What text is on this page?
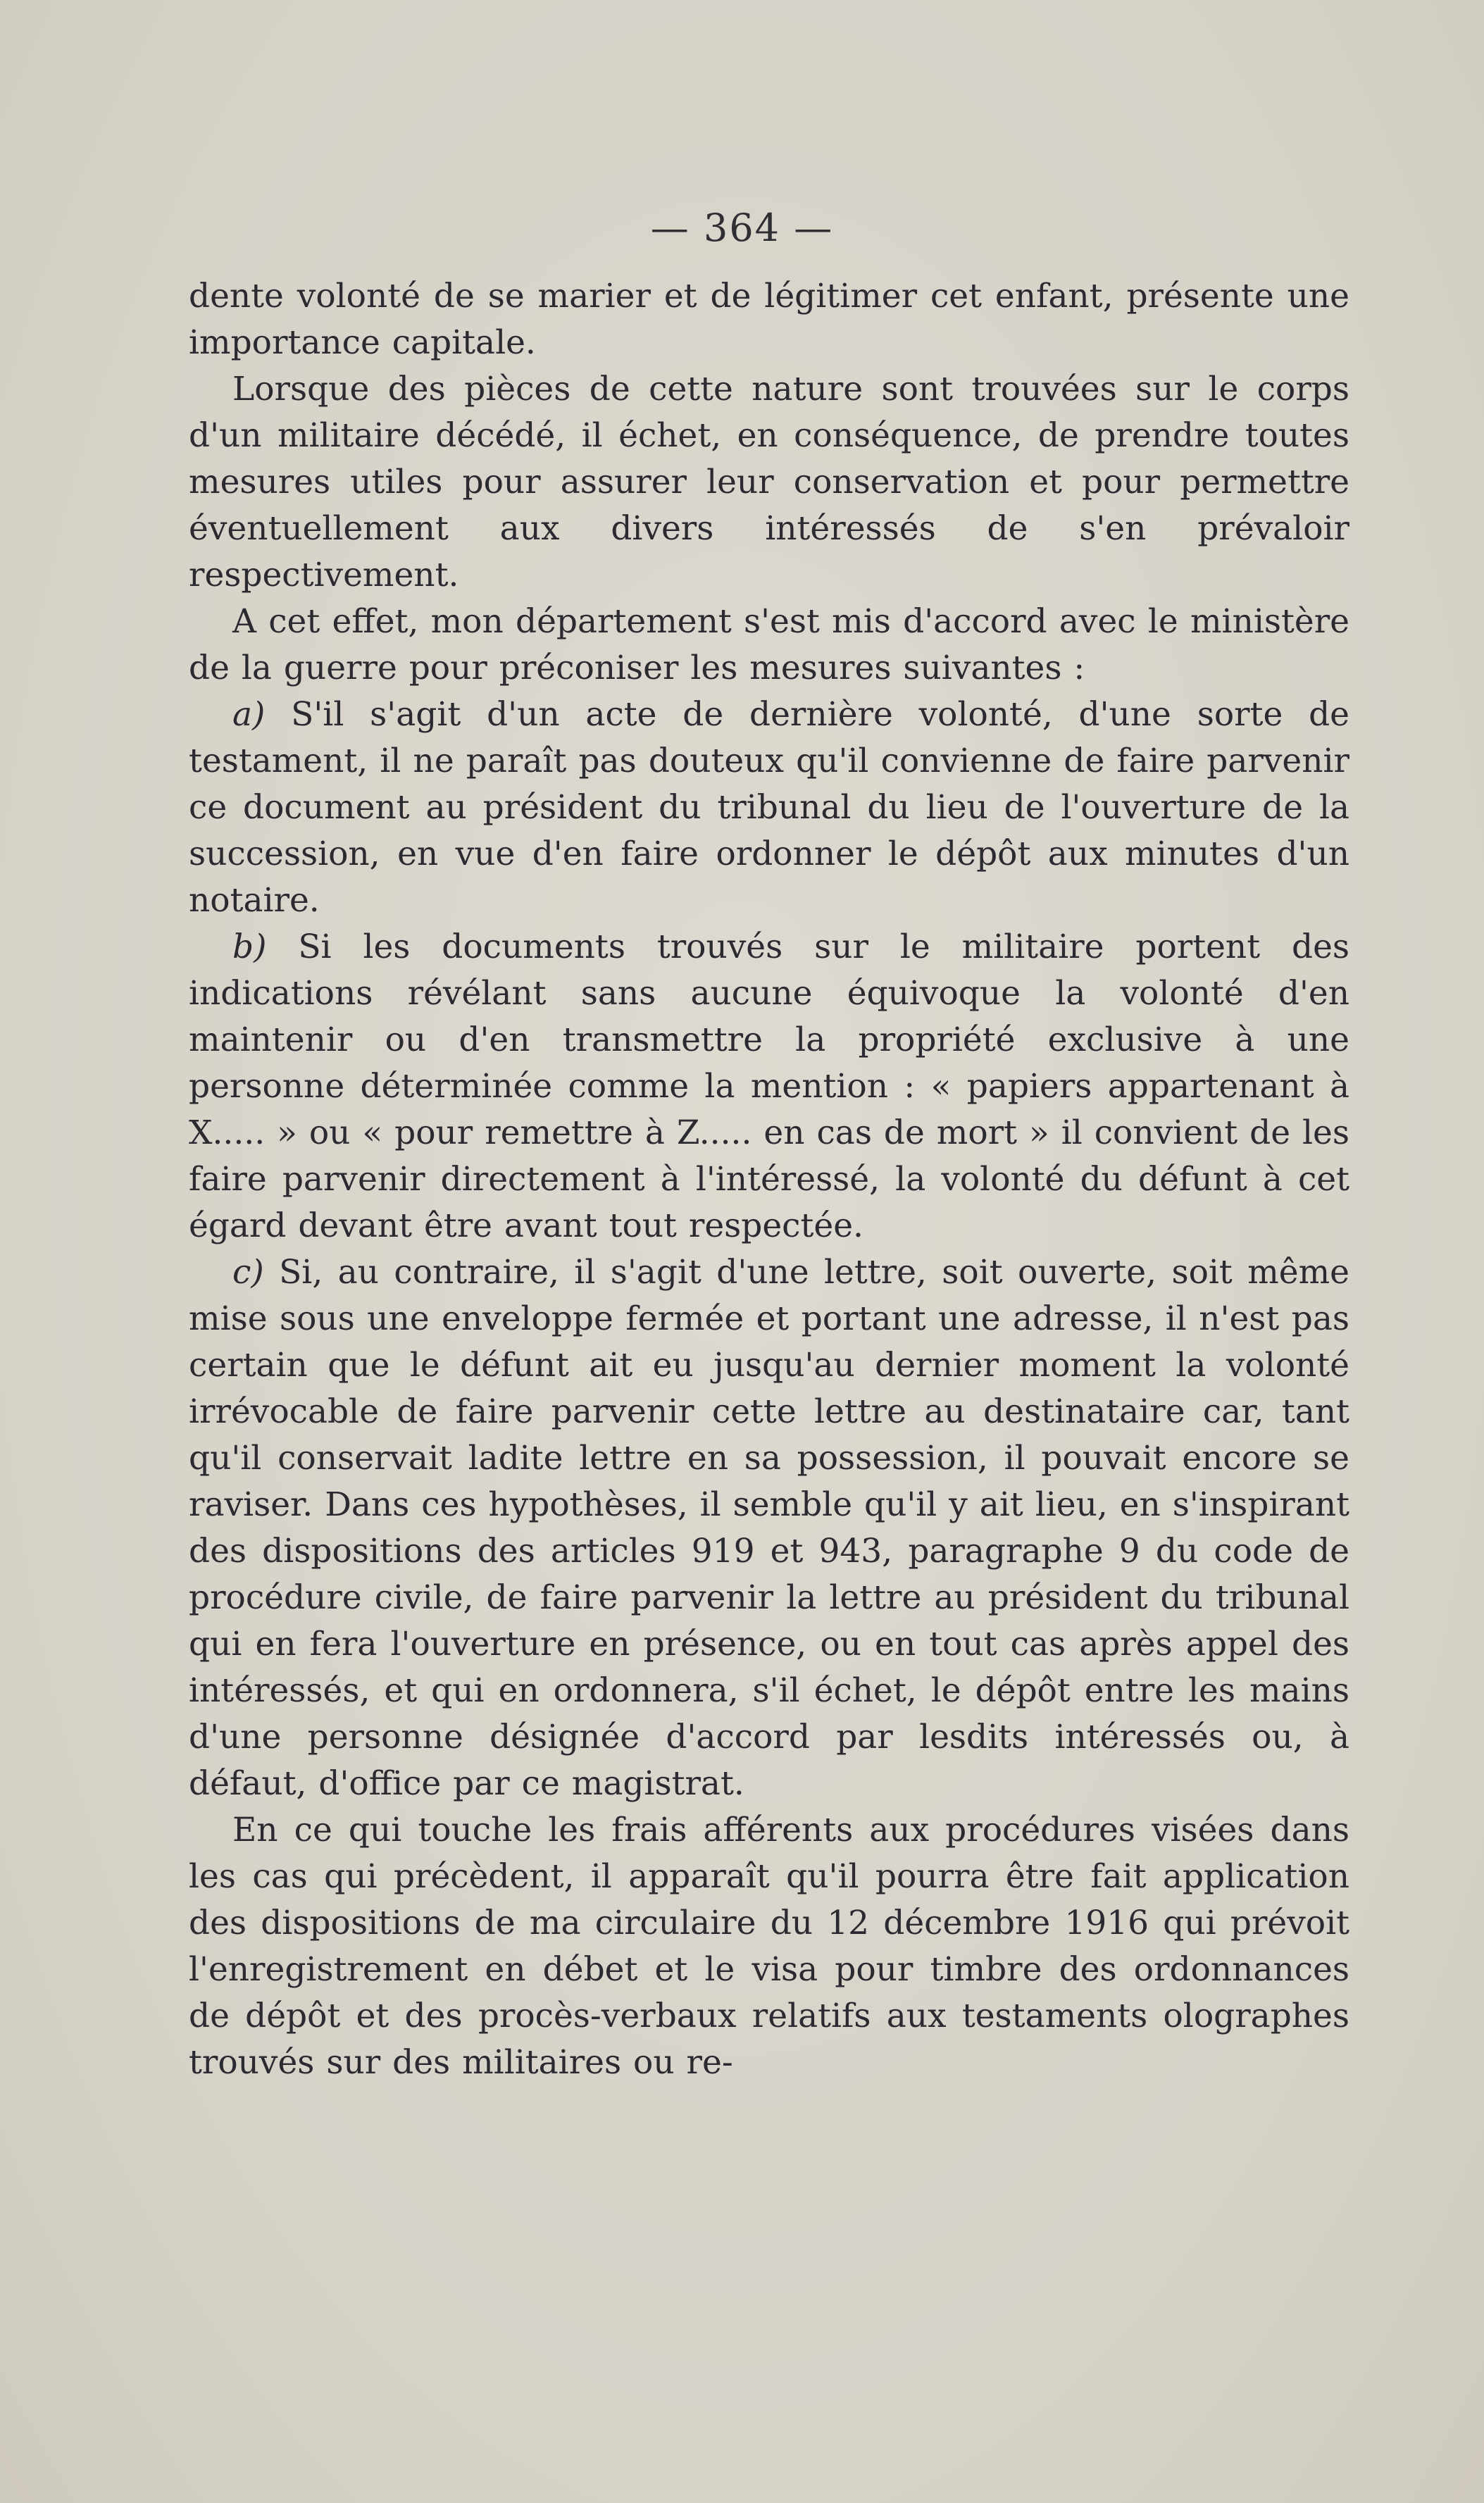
— 364 —

dente volonté de se marier et de légitimer cet enfant, présente une importance capitale.

Lorsque des pièces de cette nature sont trouvées sur le corps d'un militaire décédé, il échet, en conséquence, de prendre toutes mesures utiles pour assurer leur conservation et pour permettre éventuellement aux divers intéressés de s'en prévaloir respectivement.

A cet effet, mon département s'est mis d'accord avec le ministère de la guerre pour préconiser les mesures suivantes :

a) S'il s'agit d'un acte de dernière volonté, d'une sorte de testament, il ne paraît pas douteux qu'il convienne de faire parvenir ce document au président du tribunal du lieu de l'ouverture de la succession, en vue d'en faire ordonner le dépôt aux minutes d'un notaire.

b) Si les documents trouvés sur le militaire portent des indications révélant sans aucune équivoque la volonté d'en maintenir ou d'en transmettre la propriété exclusive à une personne déterminée comme la mention : « papiers appartenant à X..... » ou « pour remettre à Z..... en cas de mort » il convient de les faire parvenir directement à l'intéressé, la volonté du défunt à cet égard devant être avant tout respectée.

c) Si, au contraire, il s'agit d'une lettre, soit ouverte, soit même mise sous une enveloppe fermée et portant une adresse, il n'est pas certain que le défunt ait eu jusqu'au dernier moment la volonté irrévocable de faire parvenir cette lettre au destinataire car, tant qu'il conservait ladite lettre en sa possession, il pouvait encore se raviser. Dans ces hypothèses, il semble qu'il y ait lieu, en s'inspirant des dispositions des articles 919 et 943, paragraphe 9 du code de procédure civile, de faire parvenir la lettre au président du tribunal qui en fera l'ouverture en présence, ou en tout cas après appel des intéressés, et qui en ordonnera, s'il échet, le dépôt entre les mains d'une personne désignée d'accord par lesdits intéressés ou, à défaut, d'office par ce magistrat.

En ce qui touche les frais afférents aux procédures visées dans les cas qui précèdent, il apparaît qu'il pourra être fait application des dispositions de ma circulaire du 12 décembre 1916 qui prévoit l'enregistrement en débet et le visa pour timbre des ordonnances de dépôt et des procès-verbaux relatifs aux testaments olographes trouvés sur des militaires ou re-
